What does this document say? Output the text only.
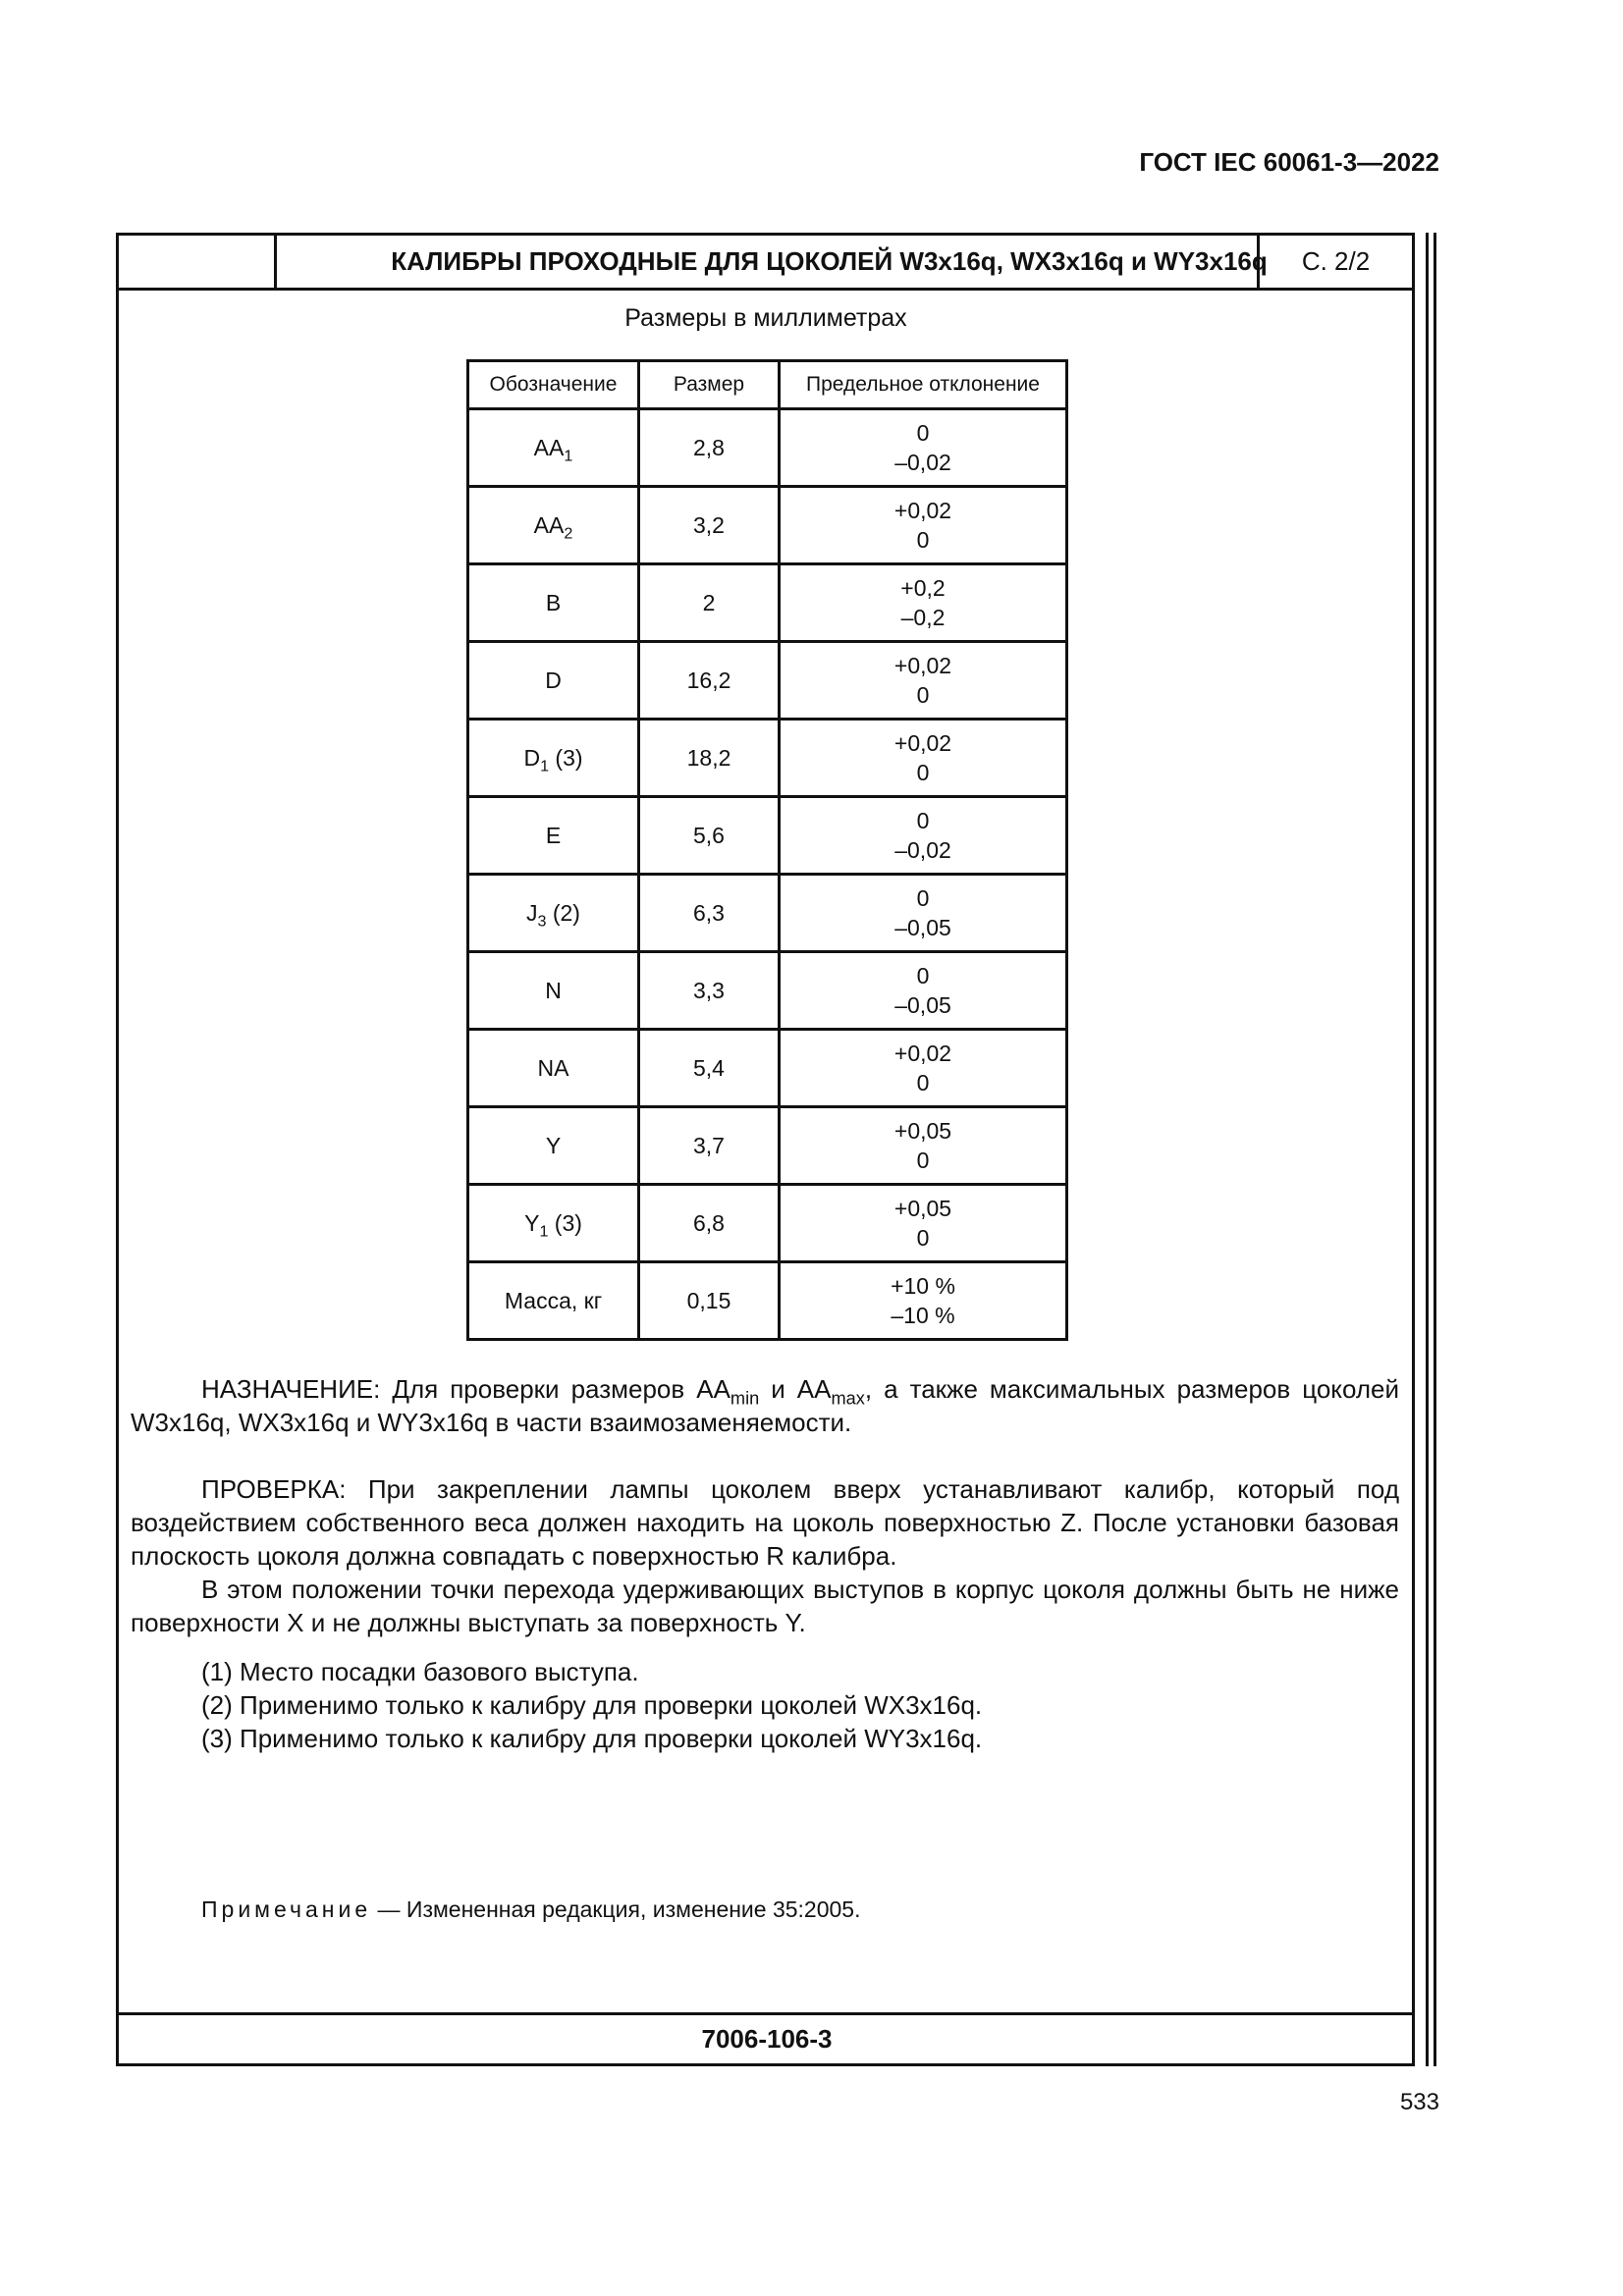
ГОСТ IEC 60061-3—2022
КАЛИБРЫ ПРОХОДНЫЕ ДЛЯ ЦОКОЛЕЙ W3x16q, WX3x16q и WY3x16q	С. 2/2
Размеры в миллиметрах
Обозначение	Размер	Предельное отклонение
$AA_1$	2,8	0
–0,02

$AA_2$	3,2	+0,02
0

B	2	+0,2
–0,2

D	16,2	+0,02
0

$D_1$ (3)	18,2	+0,02
0

E	5,6	0
–0,02

$J_3$ (2)	6,3	0
–0,05

N	3,3	0
–0,05

NA	5,4	+0,02
0

Y	3,7	+0,05
0

$Y_1$ (3)	6,8	+0,05
0

Масса, кг	0,15	+10 %
–10 %
НАЗНАЧЕНИЕ: Для проверки размеров $AA_{min}$ и $AA_{max}$, а также максимальных размеров цоколей W3x16q, WX3x16q и WY3x16q в части взаимозаменяемости.
ПРОВЕРКА: При закреплении лампы цоколем вверх устанавливают калибр, который под воздействием собственного веса должен находить на цоколь поверхностью Z. После установки базовая плоскость цоколя должна совпадать с поверхностью R калибра.
В этом положении точки перехода удерживающих выступов в корпус цоколя должны быть не ниже поверхности X и не должны выступать за поверхность Y.
(1) Место посадки базового выступа.
(2) Применимо только к калибру для проверки цоколей WX3x16q.
(3) Применимо только к калибру для проверки цоколей WY3x16q.
Примечание — Измененная редакция, изменение 35:2005.
7006-106-3
533
